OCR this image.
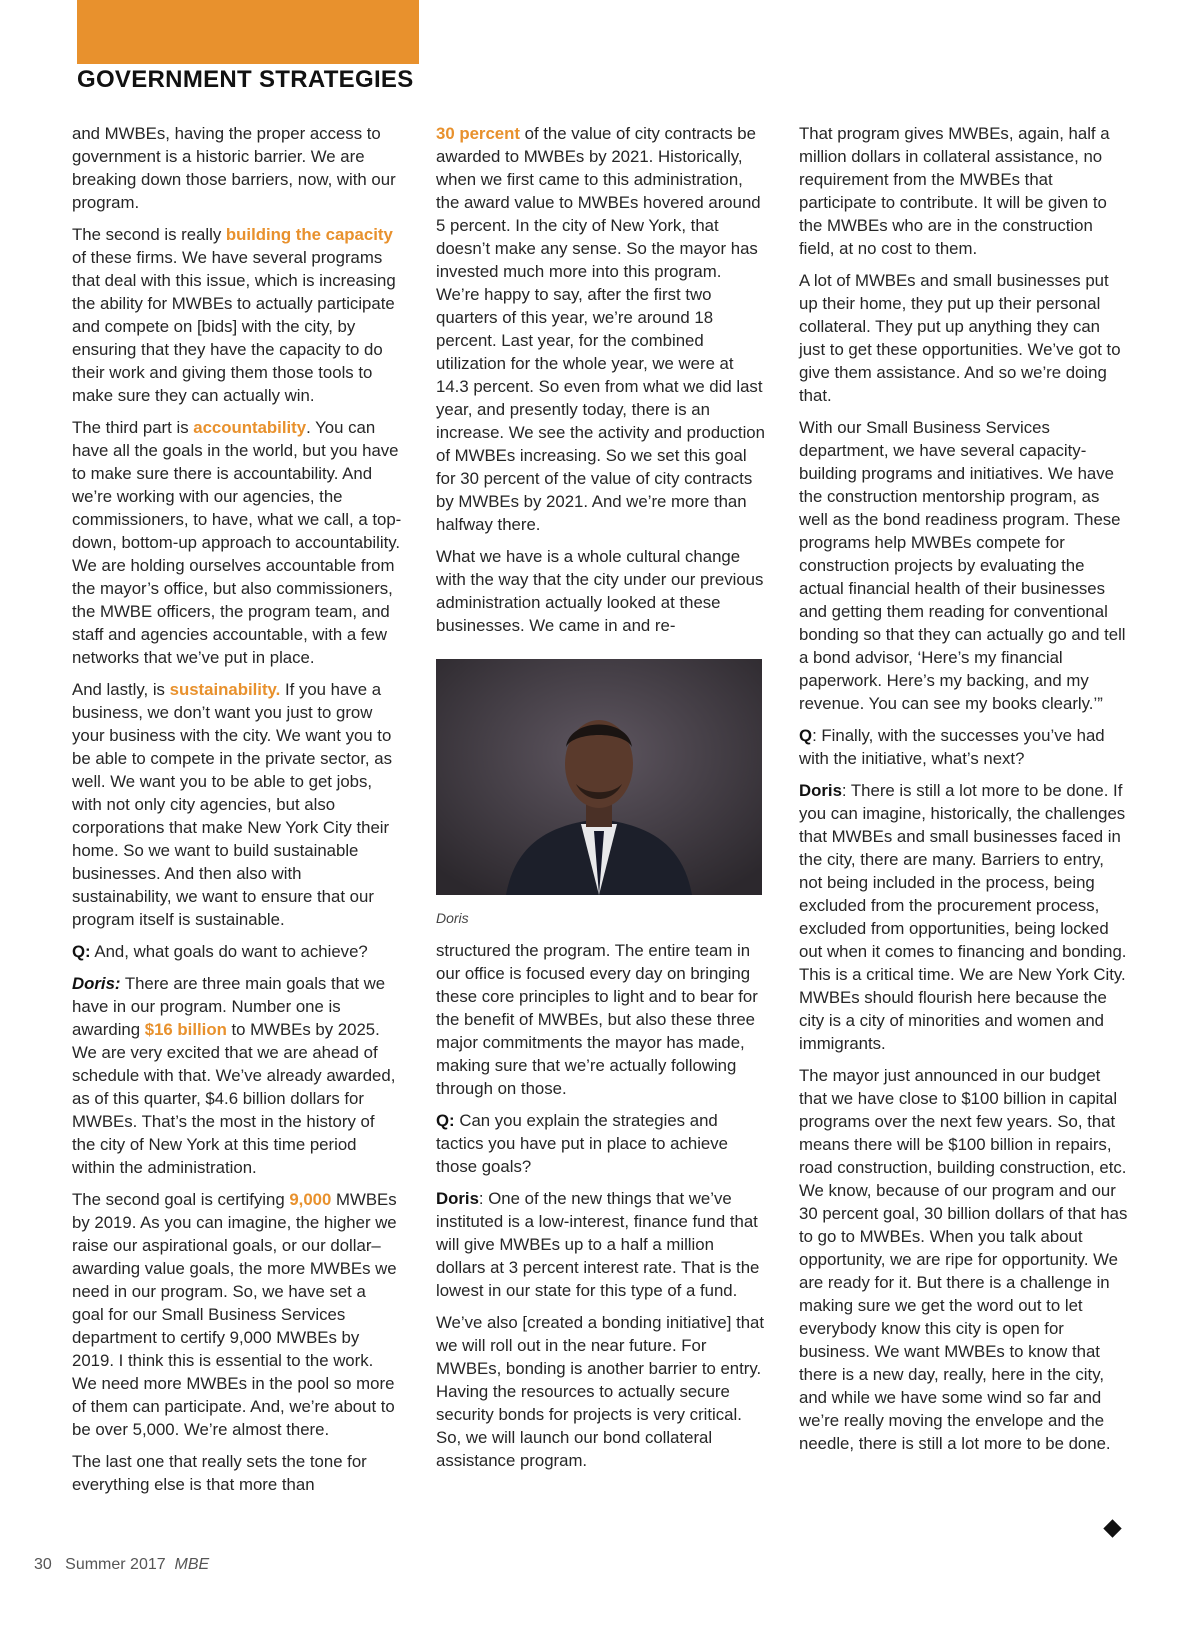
GOVERNMENT STRATEGIES

and MWBEs, having the proper access to government is a historic barrier. We are breaking down those barriers, now, with our program.

The second is really building the capacity of these firms. We have several programs that deal with this issue, which is increasing the ability for MWBEs to actually participate and compete on [bids] with the city, by ensuring that they have the capacity to do their work and giving them those tools to make sure they can actually win.

The third part is accountability. You can have all the goals in the world, but you have to make sure there is accountability. And we’re working with our agencies, the commissioners, to have, what we call, a top-down, bottom-up approach to accountability. We are holding ourselves accountable from the mayor’s office, but also commissioners, the MWBE officers, the program team, and staff and agencies accountable, with a few networks that we’ve put in place.

And lastly, is sustainability. If you have a business, we don’t want you just to grow your business with the city. We want you to be able to compete in the private sector, as well. We want you to be able to get jobs, with not only city agencies, but also corporations that make New York City their home. So we want to build sustainable businesses. And then also with sustainability, we want to ensure that our program itself is sustainable.

Q: And, what goals do want to achieve?

Doris: There are three main goals that we have in our program. Number one is awarding $16 billion to MWBEs by 2025. We are very excited that we are ahead of schedule with that. We’ve already awarded, as of this quarter, $4.6 billion dollars for MWBEs. That’s the most in the history of the city of New York at this time period within the administration.

The second goal is certifying 9,000 MWBEs by 2019. As you can imagine, the higher we raise our aspirational goals, or our dollar–awarding value goals, the more MWBEs we need in our program. So, we have set a goal for our Small Business Services department to certify 9,000 MWBEs by 2019. I think this is essential to the work. We need more MWBEs in the pool so more of them can participate. And, we’re about to be over 5,000. We’re almost there.

The last one that really sets the tone for everything else is that more than

30 percent of the value of city contracts be awarded to MWBEs by 2021. Historically, when we first came to this administration, the award value to MWBEs hovered around 5 percent. In the city of New York, that doesn’t make any sense. So the mayor has invested much more into this program. We’re happy to say, after the first two quarters of this year, we’re around 18 percent. Last year, for the combined utilization for the whole year, we were at 14.3 percent. So even from what we did last year, and presently today, there is an increase. We see the activity and production of MWBEs increasing. So we set this goal for 30 percent of the value of city contracts by MWBEs by 2021. And we’re more than halfway there.

What we have is a whole cultural change with the way that the city under our previous administration actually looked at these businesses. We came in and re-

Doris

structured the program. The entire team in our office is focused every day on bringing these core principles to light and to bear for the benefit of MWBEs, but also these three major commitments the mayor has made, making sure that we’re actually following through on those.

Q: Can you explain the strategies and tactics you have put in place to achieve those goals?

Doris: One of the new things that we’ve instituted is a low-interest, finance fund that will give MWBEs up to a half a million dollars at 3 percent interest rate. That is the lowest in our state for this type of a fund.

We’ve also [created a bonding initiative] that we will roll out in the near future. For MWBEs, bonding is another barrier to entry. Having the resources to actually secure security bonds for projects is very critical. So, we will launch our bond collateral assistance program.

That program gives MWBEs, again, half a million dollars in collateral assistance, no requirement from the MWBEs that participate to contribute. It will be given to the MWBEs who are in the construction field, at no cost to them.

A lot of MWBEs and small businesses put up their home, they put up their personal collateral. They put up anything they can just to get these opportunities. We’ve got to give them assistance. And so we’re doing that.

With our Small Business Services department, we have several capacity-building programs and initiatives. We have the construction mentorship program, as well as the bond readiness program. These programs help MWBEs compete for construction projects by evaluating the actual financial health of their businesses and getting them reading for conventional bonding so that they can actually go and tell a bond advisor, ‘Here’s my financial paperwork. Here’s my backing, and my revenue. You can see my books clearly.’”

Q: Finally, with the successes you’ve had with the initiative, what’s next?

Doris: There is still a lot more to be done. If you can imagine, historically, the challenges that MWBEs and small businesses faced in the city, there are many. Barriers to entry, not being included in the process, being excluded from the procurement process, excluded from opportunities, being locked out when it comes to financing and bonding. This is a critical time. We are New York City. MWBEs should flourish here because the city is a city of minorities and women and immigrants.

The mayor just announced in our budget that we have close to $100 billion in capital programs over the next few years. So, that means there will be $100 billion in repairs, road construction, building construction, etc. We know, because of our program and our 30 percent goal, 30 billion dollars of that has to go to MWBEs. When you talk about opportunity, we are ripe for opportunity. We are ready for it. But there is a challenge in making sure we get the word out to let everybody know this city is open for business. We want MWBEs to know that there is a new day, really, here in the city, and while we have some wind so far and we’re really moving the envelope and the needle, there is still a lot more to be done.

30 Summer 2017 MBE
